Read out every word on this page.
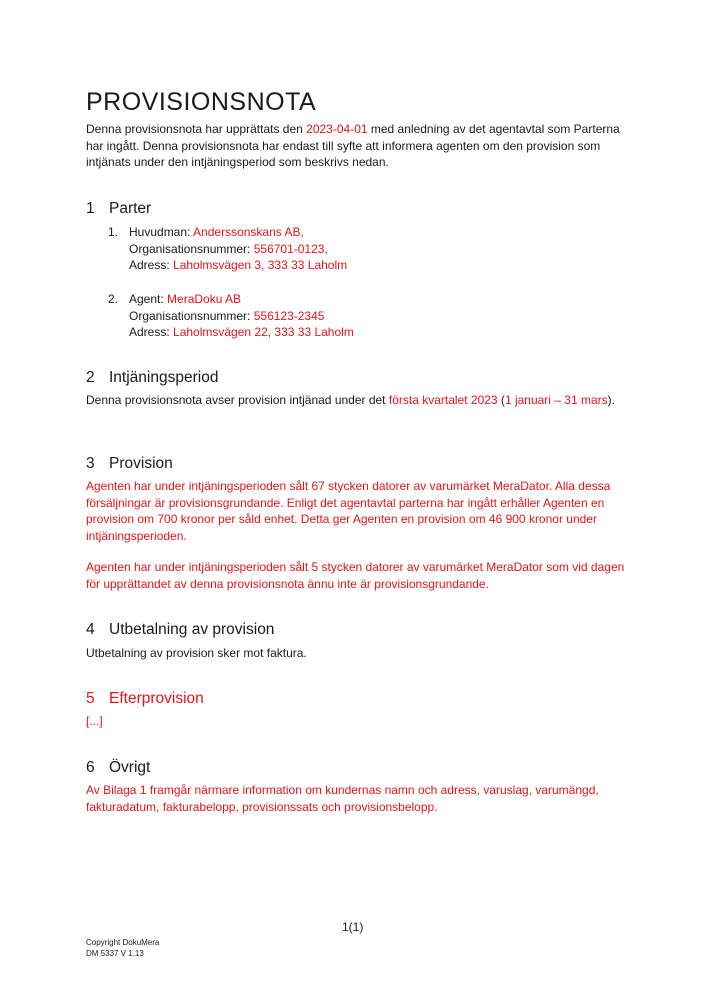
PROVISIONSNOTA

Denna provisionsnota har upprättats den 2023-04-01 med anledning av det agentavtal som Parterna har ingått. Denna provisionsnota har endast till syfte att informera agenten om den provision som intjänats under den intjäningsperiod som beskrivs nedan.

1 Parter
1. Huvudman: Anderssonskans AB,
Organisationsnummer: 556701-0123,
Adress: Laholmsvägen 3, 333 33 Laholm
2. Agent: MeraDoku AB
Organisationsnummer: 556123-2345
Adress: Laholmsvägen 22, 333 33 Laholm
2 Intjäningsperiod

Denna provisionsnota avser provision intjänad under det första kvartalet 2023 (1 januari – 31 mars).

3 Provision

Agenten har under intjäningsperioden sålt 67 stycken datorer av varumärket MeraDator. Alla dessa försäljningar är provisionsgrundande. Enligt det agentavtal parterna har ingått erhåller Agenten en provision om 700 kronor per såld enhet. Detta ger Agenten en provision om 46 900 kronor under intjäningsperioden.

Agenten har under intjäningsperioden sålt 5 stycken datorer av varumärket MeraDator som vid dagen för upprättandet av denna provisionsnota ännu inte är provisionsgrundande.

4 Utbetalning av provision

Utbetalning av provision sker mot faktura.

5 Efterprovision

[...]

6 Övrigt

Av Bilaga 1 framgår närmare information om kundernas namn och adress, varuslag, varumängd, fakturadatum, fakturabelopp, provisionssats och provisionsbelopp.

1(1)
Copyright DokuMera
DM 5337 V 1.13
